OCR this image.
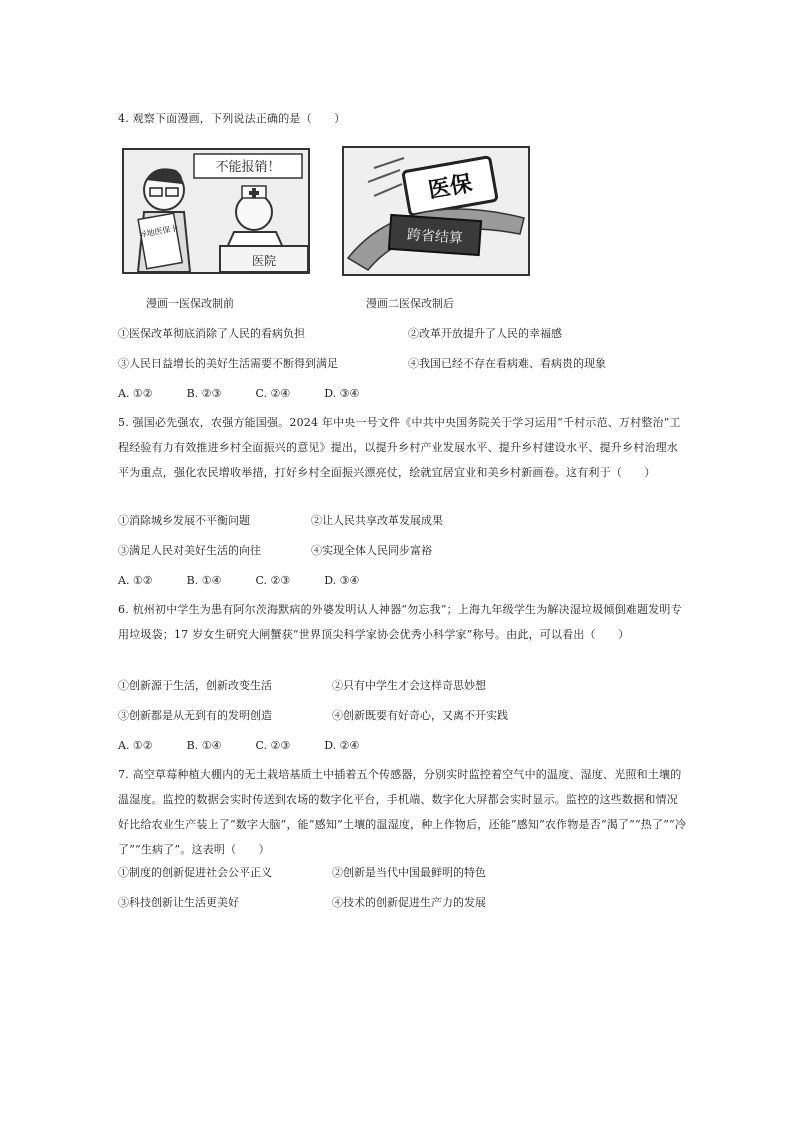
4. 观察下面漫画，下列说法正确的是（　　）
不能报销！
异地医保卡
医院
医保
跨省结算
漫画一医保改制前	漫画二医保改制后
①医保改革彻底消除了人民的看病负担	②改革开放提升了人民的幸福感
③人民日益增长的美好生活需要不断得到满足	④我国已经不存在看病难、看病贵的现象
A. ①②	B. ②③	C. ②④	D. ③④
5. 强国必先强农，农强方能国强。2024 年中央一号文件《中共中央国务院关于学习运用“千村示范、万村整治”工程经验有力有效推进乡村全面振兴的意见》提出，以提升乡村产业发展水平、提升乡村建设水平、提升乡村治理水平为重点，强化农民增收举措，打好乡村全面振兴漂亮仗，绘就宜居宜业和美乡村新画卷。这有利于（　　）
①消除城乡发展不平衡问题	②让人民共享改革发展成果
③满足人民对美好生活的向往	④实现全体人民同步富裕
A. ①②	B. ①④	C. ②③	D. ③④
6. 杭州初中学生为患有阿尔茨海默病的外婆发明认人神器“勿忘我”；上海九年级学生为解决湿垃圾倾倒难题发明专用垃圾袋；17 岁女生研究大闸蟹获“世界顶尖科学家协会优秀小科学家”称号。由此，可以看出（　　）
①创新源于生活，创新改变生活	②只有中学生才会这样奇思妙想
③创新都是从无到有的发明创造	④创新既要有好奇心，又离不开实践
A. ①②	B. ①④	C. ②③	D. ②④
7. 高空草莓种植大棚内的无土栽培基质土中插着五个传感器，分别实时监控着空气中的温度、湿度、光照和土壤的温湿度。监控的数据会实时传送到农场的数字化平台，手机端、数字化大屏都会实时显示。监控的这些数据和情况好比给农业生产装上了“数字大脑”，能“感知”土壤的温湿度，种上作物后，还能“感知”农作物是否“渴了”“热了”“冷了”“生病了”。这表明（　　）
①制度的创新促进社会公平正义	②创新是当代中国最鲜明的特色
③科技创新让生活更美好	④技术的创新促进生产力的发展
